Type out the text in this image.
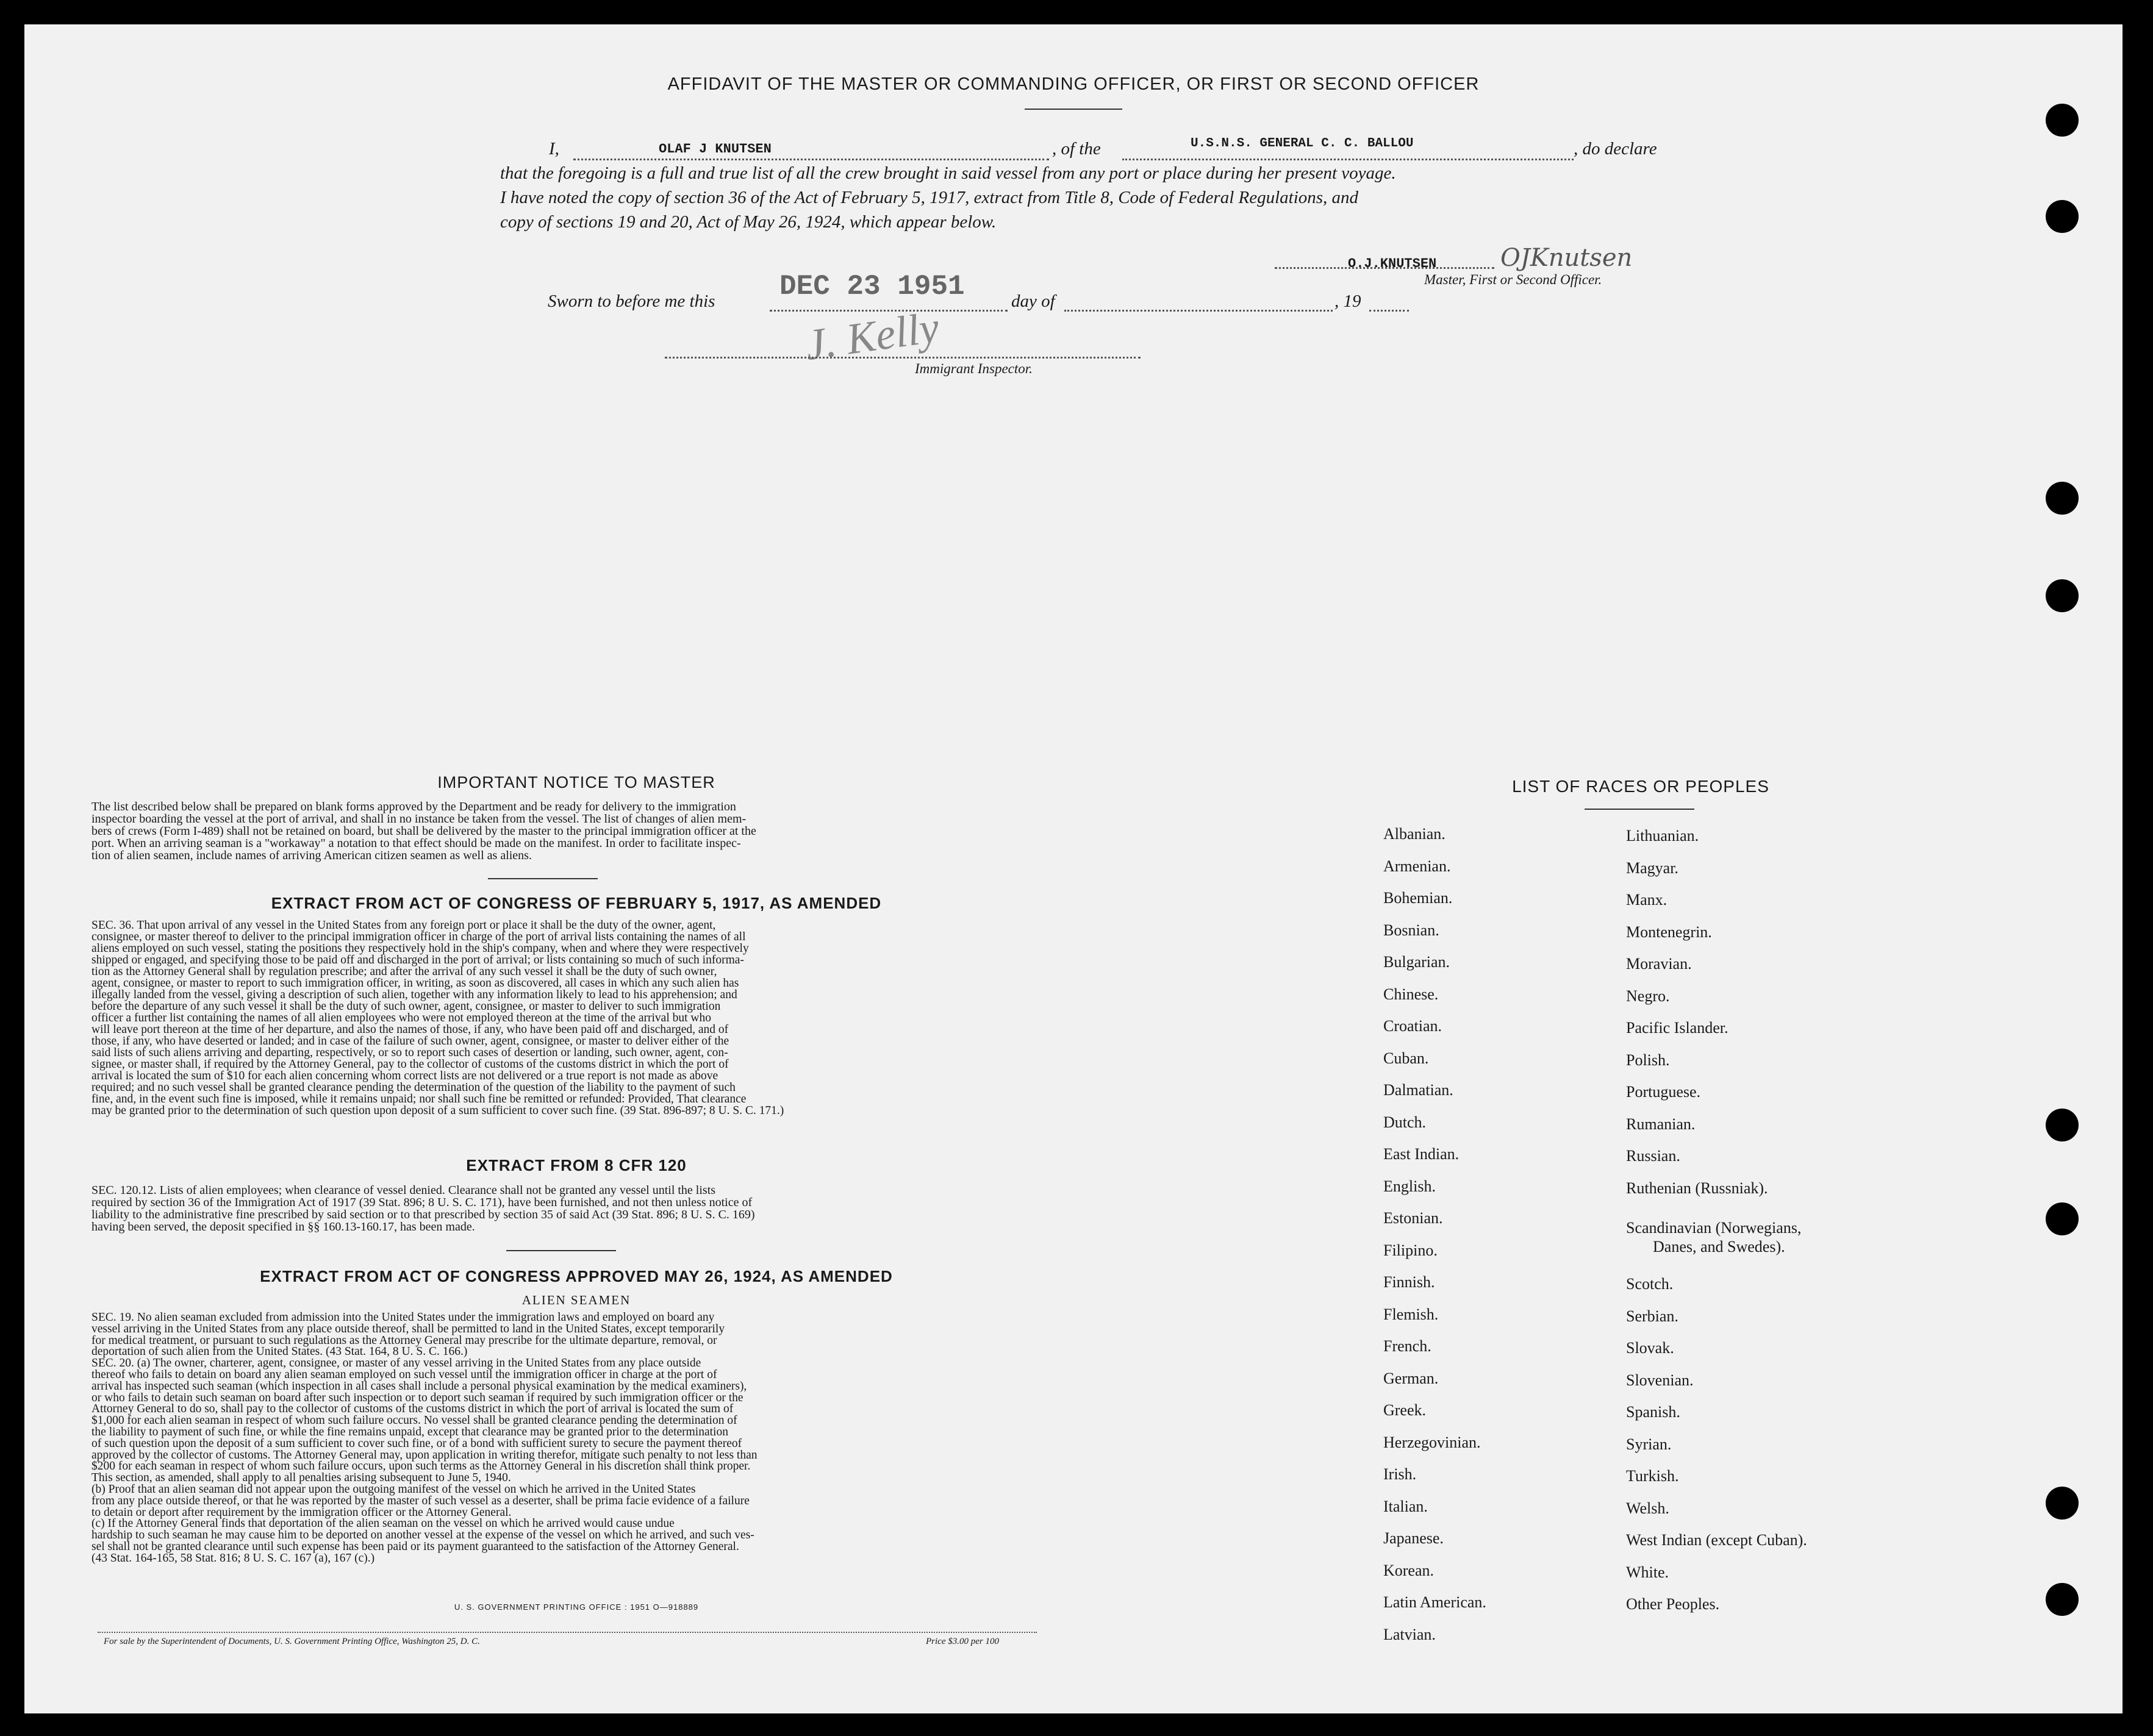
AFFIDAVIT OF THE MASTER OR COMMANDING OFFICER, OR FIRST OR SECOND OFFICER
I,	OLAF J KNUTSEN	, of the	U.S.N.S. GENERAL C. C. BALLOU	, do declare
that the foregoing is a full and true list of all the crew brought in said vessel from any port or place during her present voyage.
I have noted the copy of section 36 of the Act of February 5, 1917, extract from Title 8, Code of Federal Regulations, and
copy of sections 19 and 20, Act of May 26, 1924, which appear below.
O.J.KNUTSEN	OJKnutsen
Master, First or Second Officer.
Sworn to before me this DEC 23 1951	day of	, 19
J. Kelly
Immigrant Inspector.
IMPORTANT NOTICE TO MASTER
The list described below shall be prepared on blank forms approved by the Department and be ready for delivery to the immigration
inspector boarding the vessel at the port of arrival, and shall in no instance be taken from the vessel. The list of changes of alien mem-
bers of crews (Form I-489) shall not be retained on board, but shall be delivered by the master to the principal immigration officer at the
port. When an arriving seaman is a "workaway" a notation to that effect should be made on the manifest. In order to facilitate inspec-
tion of alien seamen, include names of arriving American citizen seamen as well as aliens.
EXTRACT FROM ACT OF CONGRESS OF FEBRUARY 5, 1917, AS AMENDED
SEC. 36. That upon arrival of any vessel in the United States from any foreign port or place it shall be the duty of the owner, agent,
consignee, or master thereof to deliver to the principal immigration officer in charge of the port of arrival lists containing the names of all
aliens employed on such vessel, stating the positions they respectively hold in the ship's company, when and where they were respectively
shipped or engaged, and specifying those to be paid off and discharged in the port of arrival; or lists containing so much of such informa-
tion as the Attorney General shall by regulation prescribe; and after the arrival of any such vessel it shall be the duty of such owner,
agent, consignee, or master to report to such immigration officer, in writing, as soon as discovered, all cases in which any such alien has
illegally landed from the vessel, giving a description of such alien, together with any information likely to lead to his apprehension; and
before the departure of any such vessel it shall be the duty of such owner, agent, consignee, or master to deliver to such immigration
officer a further list containing the names of all alien employees who were not employed thereon at the time of the arrival but who
will leave port thereon at the time of her departure, and also the names of those, if any, who have been paid off and discharged, and of
those, if any, who have deserted or landed; and in case of the failure of such owner, agent, consignee, or master to deliver either of the
said lists of such aliens arriving and departing, respectively, or so to report such cases of desertion or landing, such owner, agent, con-
signee, or master shall, if required by the Attorney General, pay to the collector of customs of the customs district in which the port of
arrival is located the sum of $10 for each alien concerning whom correct lists are not delivered or a true report is not made as above
required; and no such vessel shall be granted clearance pending the determination of the question of the liability to the payment of such
fine, and, in the event such fine is imposed, while it remains unpaid; nor shall such fine be remitted or refunded: Provided, That clearance
may be granted prior to the determination of such question upon deposit of a sum sufficient to cover such fine. (39 Stat. 896-897; 8 U. S. C. 171.)
EXTRACT FROM 8 CFR 120
SEC. 120.12. Lists of alien employees; when clearance of vessel denied. Clearance shall not be granted any vessel until the lists
required by section 36 of the Immigration Act of 1917 (39 Stat. 896; 8 U. S. C. 171), have been furnished, and not then unless notice of
liability to the administrative fine prescribed by said section or to that prescribed by section 35 of said Act (39 Stat. 896; 8 U. S. C. 169)
having been served, the deposit specified in §§ 160.13-160.17, has been made.
EXTRACT FROM ACT OF CONGRESS APPROVED MAY 26, 1924, AS AMENDED
ALIEN SEAMEN
SEC. 19. No alien seaman excluded from admission into the United States under the immigration laws and employed on board any
vessel arriving in the United States from any place outside thereof, shall be permitted to land in the United States, except temporarily
for medical treatment, or pursuant to such regulations as the Attorney General may prescribe for the ultimate departure, removal, or
deportation of such alien from the United States. (43 Stat. 164, 8 U. S. C. 166.)
SEC. 20. (a) The owner, charterer, agent, consignee, or master of any vessel arriving in the United States from any place outside
thereof who fails to detain on board any alien seaman employed on such vessel until the immigration officer in charge at the port of
arrival has inspected such seaman (which inspection in all cases shall include a personal physical examination by the medical examiners),
or who fails to detain such seaman on board after such inspection or to deport such seaman if required by such immigration officer or the
Attorney General to do so, shall pay to the collector of customs of the customs district in which the port of arrival is located the sum of
$1,000 for each alien seaman in respect of whom such failure occurs. No vessel shall be granted clearance pending the determination of
the liability to payment of such fine, or while the fine remains unpaid, except that clearance may be granted prior to the determination
of such question upon the deposit of a sum sufficient to cover such fine, or of a bond with sufficient surety to secure the payment thereof
approved by the collector of customs. The Attorney General may, upon application in writing therefor, mitigate such penalty to not less than
$200 for each seaman in respect of whom such failure occurs, upon such terms as the Attorney General in his discretion shall think proper.
This section, as amended, shall apply to all penalties arising subsequent to June 5, 1940.
(b) Proof that an alien seaman did not appear upon the outgoing manifest of the vessel on which he arrived in the United States
from any place outside thereof, or that he was reported by the master of such vessel as a deserter, shall be prima facie evidence of a failure
to detain or deport after requirement by the immigration officer or the Attorney General.
(c) If the Attorney General finds that deportation of the alien seaman on the vessel on which he arrived would cause undue
hardship to such seaman he may cause him to be deported on another vessel at the expense of the vessel on which he arrived, and such ves-
sel shall not be granted clearance until such expense has been paid or its payment guaranteed to the satisfaction of the Attorney General.
(43 Stat. 164-165, 58 Stat. 816; 8 U. S. C. 167 (a), 167 (c).)
U. S. GOVERNMENT PRINTING OFFICE : 1951 O—918889
For sale by the Superintendent of Documents, U. S. Government Printing Office, Washington 25, D. C.	Price $3.00 per 100
LIST OF RACES OR PEOPLES
Albanian.
Armenian.
Bohemian.
Bosnian.
Bulgarian.
Chinese.
Croatian.
Cuban.
Dalmatian.
Dutch.
East Indian.
English.
Estonian.
Filipino.
Finnish.
Flemish.
French.
German.
Greek.
Herzegovinian.
Irish.
Italian.
Japanese.
Korean.
Latin American.
Latvian.
Lithuanian.
Magyar.
Manx.
Montenegrin.
Moravian.
Negro.
Pacific Islander.
Polish.
Portuguese.
Rumanian.
Russian.
Ruthenian (Russniak).
Scandinavian (Norwegians,
Danes, and Swedes).
Scotch.
Serbian.
Slovak.
Slovenian.
Spanish.
Syrian.
Turkish.
Welsh.
West Indian (except Cuban).
White.
Other Peoples.
